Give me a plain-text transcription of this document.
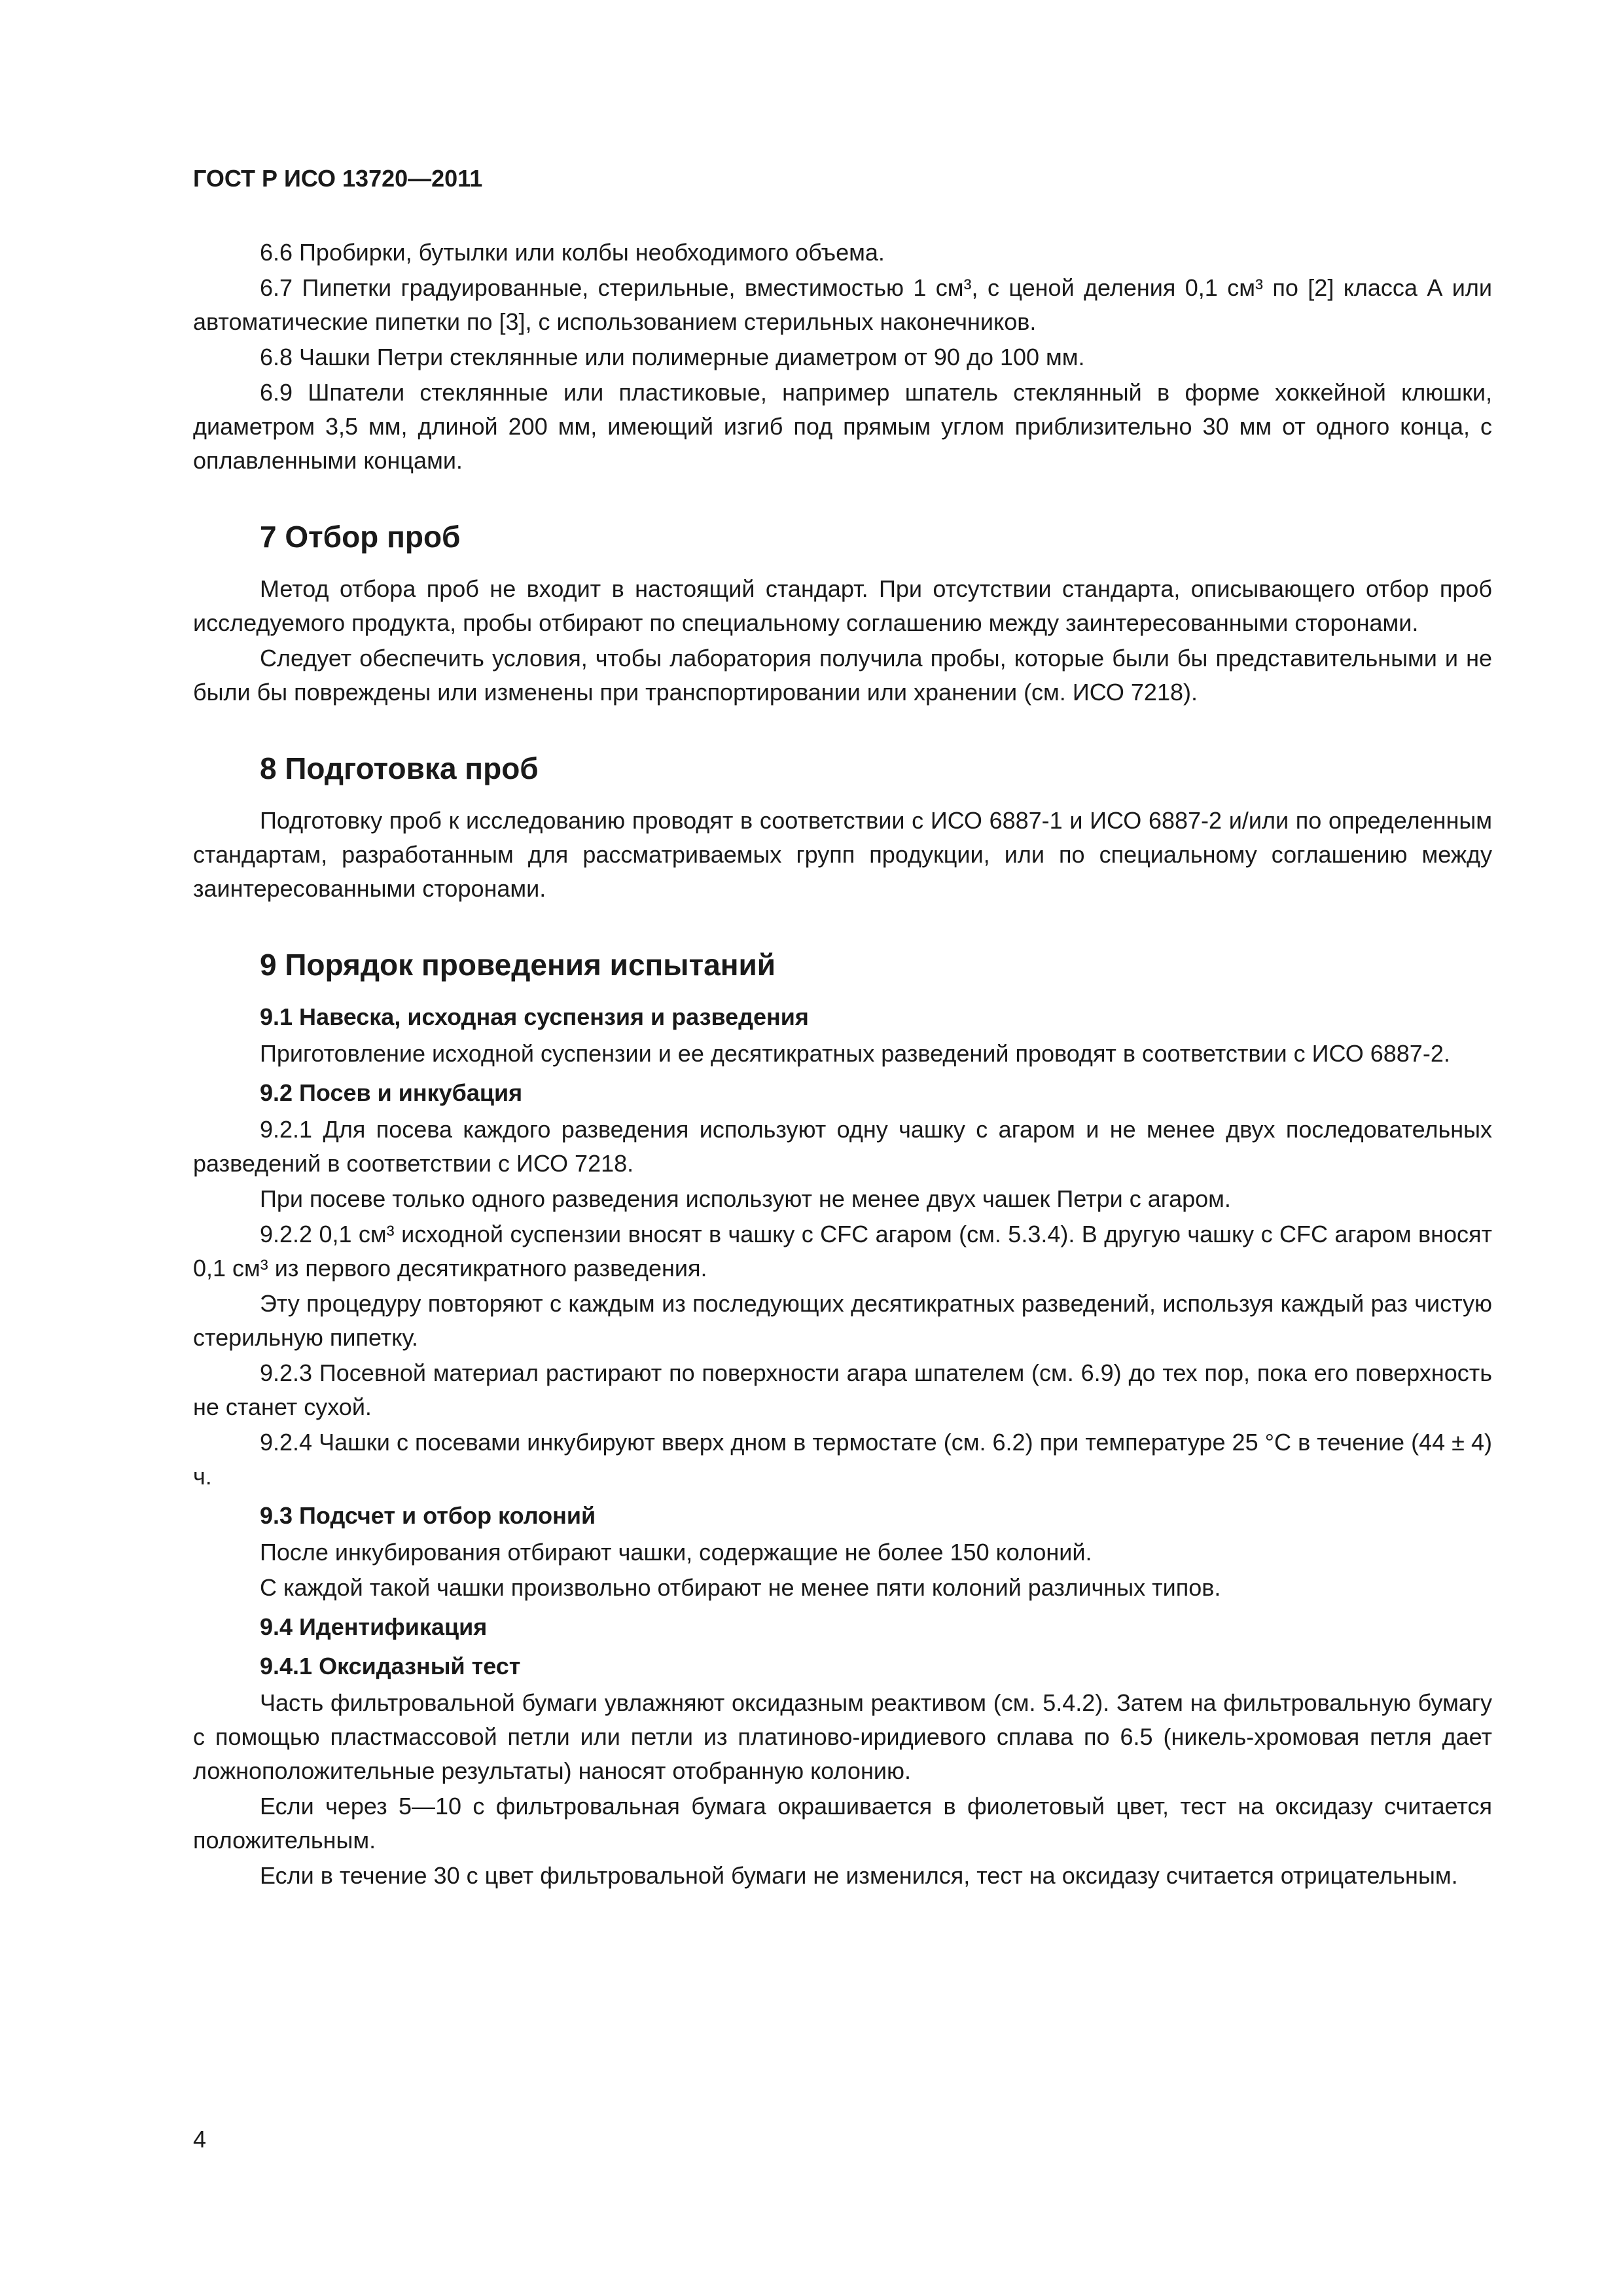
ГОСТ Р ИСО 13720—2011

6.6 Пробирки, бутылки или колбы необходимого объема.

6.7 Пипетки градуированные, стерильные, вместимостью 1 см³, с ценой деления 0,1 см³ по [2] класса А или автоматические пипетки по [3], с использованием стерильных наконечников.

6.8 Чашки Петри стеклянные или полимерные диаметром от 90 до 100 мм.

6.9 Шпатели стеклянные или пластиковые, например шпатель стеклянный в форме хоккейной клюшки, диаметром 3,5 мм, длиной 200 мм, имеющий изгиб под прямым углом приблизительно 30 мм от одного конца, с оплавленными концами.

7 Отбор проб

Метод отбора проб не входит в настоящий стандарт. При отсутствии стандарта, описывающего отбор проб исследуемого продукта, пробы отбирают по специальному соглашению между заинтересованными сторонами.

Следует обеспечить условия, чтобы лаборатория получила пробы, которые были бы представительными и не были бы повреждены или изменены при транспортировании или хранении (см. ИСО 7218).

8 Подготовка проб

Подготовку проб к исследованию проводят в соответствии с ИСО 6887-1 и ИСО 6887-2 и/или по определенным стандартам, разработанным для рассматриваемых групп продукции, или по специальному соглашению между заинтересованными сторонами.

9 Порядок проведения испытаний
9.1 Навеска, исходная суспензия и разведения

Приготовление исходной суспензии и ее десятикратных разведений проводят в соответствии с ИСО 6887-2.

9.2 Посев и инкубация

9.2.1 Для посева каждого разведения используют одну чашку с агаром и не менее двух последовательных разведений в соответствии с ИСО 7218.

При посеве только одного разведения используют не менее двух чашек Петри с агаром.

9.2.2 0,1 см³ исходной суспензии вносят в чашку с CFC агаром (см. 5.3.4). В другую чашку с CFC агаром вносят 0,1 см³ из первого десятикратного разведения.

Эту процедуру повторяют с каждым из последующих десятикратных разведений, используя каждый раз чистую стерильную пипетку.

9.2.3 Посевной материал растирают по поверхности агара шпателем (см. 6.9) до тех пор, пока его поверхность не станет сухой.

9.2.4 Чашки с посевами инкубируют вверх дном в термостате (см. 6.2) при температуре 25 °С в течение (44 ± 4) ч.

9.3 Подсчет и отбор колоний

После инкубирования отбирают чашки, содержащие не более 150 колоний.

С каждой такой чашки произвольно отбирают не менее пяти колоний различных типов.

9.4 Идентификация
9.4.1 Оксидазный тест

Часть фильтровальной бумаги увлажняют оксидазным реактивом (см. 5.4.2). Затем на фильтровальную бумагу с помощью пластмассовой петли или петли из платиново-иридиевого сплава по 6.5 (никель-хромовая петля дает ложноположительные результаты) наносят отобранную колонию.

Если через 5—10 с фильтровальная бумага окрашивается в фиолетовый цвет, тест на оксидазу считается положительным.

Если в течение 30 с цвет фильтровальной бумаги не изменился, тест на оксидазу считается отрицательным.

4
